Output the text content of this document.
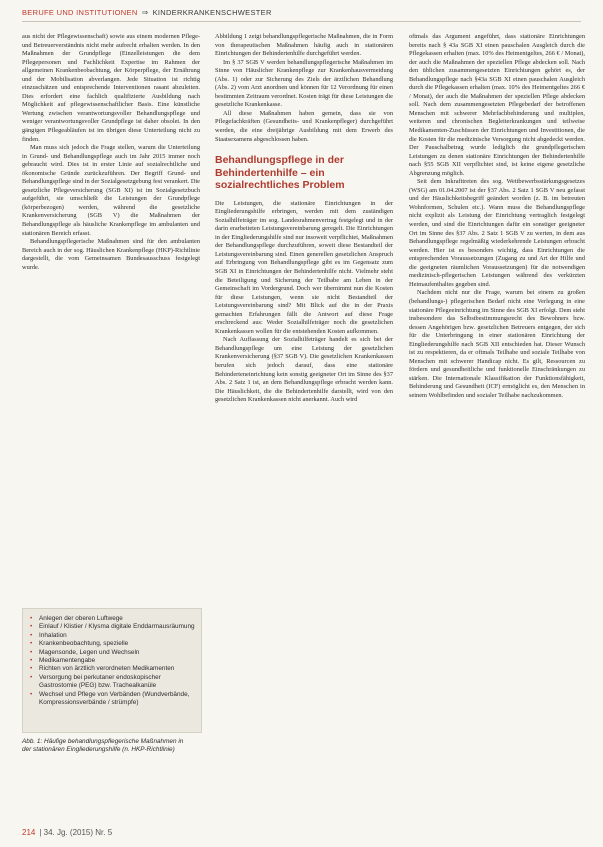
BERUFE UND INSTITUTIONEN ⇒ KINDERKRANKENSCHWESTER

aus nicht der Pflegewissenschaft) sowie aus einem modernen Pflege- und Betreuerverständnis nicht mehr aufrecht erhalten werden. In den Maßnahmen der Grundpflege (Einzelleistungen die dem Pflegepersonen und Fachlichkeit Expertise im Rahmen der allgemeinen Krankenbeobachtung, der Körperpflege, der Ernährung und der Mobilisation abverlangen. Jede Situation ist richtig einzuschätzen und entsprechende Interventionen rasant abzuleiten. Dies erfordert eine fachlich qualifizierte Ausbildung nach Möglichkeit auf pflegewissenschaftlicher Basis. Eine künstliche Wertung zwischen verantwortungsvoller Behandlungspflege und weniger verantwortungsvoller Grundpflege ist daher obsolet. In den gängigen Pflegeabläufen ist im übrigen diese Unterteilung nicht zu finden.

Man muss sich jedoch die Frage stellen, warum die Unterteilung in Grund- und Behandlungspflege auch im Jahr 2015 immer noch gebraucht wird. Dies ist in erster Linie auf sozialrechtliche und ökonomische Gründe zurückzuführen. Der Begriff Grund- und Behandlungspflege sind in der Sozialgesetzgebung fest verankert. Die gesetzliche Pflegeversicherung (SGB XI) ist im Sozialgesetzbuch aufgeführt, sie umschließt die Leistungen der Grundpflege (körperbezogen) werden, während die gesetzliche Krankenversicherung (SGB V) die Maßnahmen der Behandlungspflege als häusliche Krankenpflege im ambulanten und stationären Bereich erfasst.

Behandlungspflegerische Maßnahmen sind für den ambulanten Bereich auch in der sog. Häuslichen Krankenpflege (HKP)-Richtlinie dargestellt, die vom Gemeinsamen Bundesausschuss festgelegt wurde.

• Anlegen der oberen Luftwege
• Einlauf / Klistier / Klysma digitale Enddarmausräumung
• Inhalation
• Krankenbeobachtung, spezielle
• Magensonde, Legen und Wechseln
• Medikamentengabe
• Richten von ärztlich verordneten Medikamenten
• Versorgung bei perkutaner endoskopischer Gastrostomie (PEG) bzw. Trachealkanüle
• Wechsel und Pflege von Verbänden (Wundverbände, Kompressionsverbände / strümpfe)
Abb. 1: Häufige behandlungspflegerische Maßnahmen in der stationären Eingliederungshilfe (n. HKP-Richtlinie)

Abbildung 1 zeigt behandlungspflegerische Maßnahmen, die in Form von therapeutischen Maßnahmen häufig auch in stationären Einrichtungen der Behindertenhilfe durchgeführt werden.

Im § 37 SGB V werden behandlungspflegerische Maßnahmen im Sinne von Häuslicher Krankenpflege zur Krankenhausvermeidung (Abs. 1) oder zur Sicherung des Ziels der ärztlichen Behandlung (Abs. 2) vom Arzt anordnen und können für 12 Verordnung für einen bestimmten Zeitraum verordnet. Kosten trägt für diese Leistungen die gesetzliche Krankenkasse.

All diese Maßnahmen haben gemein, dass sie von Pflegefachkräften (Gesundheits- und Krankenpfleger) durchgeführt werden, die eine dreijährige Ausbildung mit dem Erwerb des Staatsexamens abgeschlossen haben.

Behandlungspflege in der Behindertenhilfe – ein sozialrechtliches Problem

Die Leistungen, die stationäre Einrichtungen in der Eingliederungshilfe erbringen, werden mit dem zuständigen Sozialhilfeträger im sog. Landesrahmenvertrag festgelegt und in der darin erarbeiteten Leistungsvereinbarung geregelt. Die Einrichtungen in der Eingliederungshilfe sind nur insoweit verpflichtet, Maßnahmen der Behandlungspflege durchzuführen, soweit diese Bestandteil der Leistungsvereinbarung sind. Einen generellen gesetzlichen Anspruch auf Erbringung von Behandlungspflege gibt es im Gegensatz zum SGB XI in Einrichtungen der Behindertenhilfe nicht. Vielmehr steht die Beteiligung und Sicherung der Teilhabe am Leben in der Gemeinschaft im Vordergrund. Doch wer übernimmt nun die Kosten für diese Leistungen, wenn sie nicht Bestandteil der Leistungsvereinbarung sind? Mit Blick auf die in der Praxis gemachten Erfahrungen fällt die Antwort auf diese Frage erschreckend aus: Weder Sozialhilfeträger noch die gesetzlichen Krankenkassen wollen für die entstehenden Kosten aufkommen.

Nach Auffassung der Sozialhilfeträger handelt es sich bei der Behandlungspflege um eine Leistung der gesetzlichen Krankenversicherung (§37 SGB V). Die gesetzlichen Krankenkassen berufen sich jedoch darauf, dass eine stationäre Behinderteneinrichtung kein sonstig geeigneter Ort im Sinne des §37 Abs. 2 Satz 1 ist, an dem Behandlungspflege erbracht werden kann. Die Häuslichkeit, die die Behindertenhilfe darstellt, wird von den gesetzlichen Krankenkassen nicht anerkannt. Auch wird

oftmals das Argument angeführt, dass stationäre Einrichtungen bereits nach § 43a SGB XI einen pauschalen Ausgleich durch die Pflegekassen erhalten (max. 10% des Heimentgeltes, 266 € / Monat), der auch die Maßnahmen der speziellen Pflege abdecken soll. Nach den üblichen zusammengesetzten Einrichtungen gehört es, der Behandlungspflege nach §43a SGB XI einen pauschalen Ausgleich durch die Pflegekassen erhalten (max. 10% des Heimentgeltes 266 € / Monat), der auch die Maßnahmen der speziellen Pflege abdecken soll. Nach dem zusammengesetzten Pflegebedarf der betroffenen Menschen mit schwerer Mehrfachbehinderung und multiplen, weiteren und chronischen Begleiterkrankungen und teilweise Medikamenten-Zuschüssen der Einrichtungen und Investitionen, die die Kosten für die medizinische Versorgung nicht abgedeckt werden. Der Pauschalbetrag wurde lediglich die grundpflegerischen Leistungen zu denen stationäre Einrichtungen der Behindertenhilfe nach §55 SGB XII verpflichtet sind, ist keine eigene gesetzliche Abgrenzung möglich.

Seit dem Inkrafttreten des sog. Wettbewerbsstärkungsgesetzes (WSG) am 01.04.2007 ist der §37 Abs. 2 Satz 1 SGB V neu gefasst und der Häuslichkeitsbegriff geändert worden (z. B. im betreuten Wohnformen, Schulen etc.). Wann muss die Behandlungspflege nicht explizit als Leistung der Einrichtung vertraglich festgelegt werden, und sind die Einrichtungen dafür ein sonstiger geeigneter Ort im Sinne des §37 Abs. 2 Satz 1 SGB V zu werten, in dem aus Behandlungspflege regelmäßig wiederkehrende Leistungen erbracht werden. Hier ist es besonders wichtig, dass Einrichtungen die entsprechenden Voraussetzungen (Zugang zu und Art der Hilfe und die geeigneten räumlichen Voraussetzungen) für die notwendigen medizinisch-pflegerischen Leistungen während des verkürzten Heimaufenthaltes gegeben sind.

Nachdem nicht nur die Frage, warum bei einem zu großen (behandlungs-) pflegerischen Bedarf nicht eine Verlegung in eine stationäre Pflegeeinrichtung im Sinne des SGB XI erfolgt. Dem steht insbesondere das Selbstbestimmungsrecht des Bewohners bzw. dessen Angehörigen bzw. gesetzlichen Betreuers entgegen, der sich für die Unterbringung in einer stationären Einrichtung der Eingliederungshilfe nach SGB XII entschieden hat. Dieser Wunsch ist zu respektieren, da er oftmals Teilhabe und soziale Teilhabe von Menschen mit schwerer Handicap nicht. Es gilt, Ressourcen zu fördern und gesundheitliche und funktionelle Einschränkungen zu stärken. Die Internationale Klassifikation der Funktionsfähigkeit, Behinderung und Gesundheit (ICF) ermöglicht es, den Menschen in seinem Wohlbefinden und sozialer Teilhabe nachzukommen.

214 | 34. Jg. (2015) Nr. 5
